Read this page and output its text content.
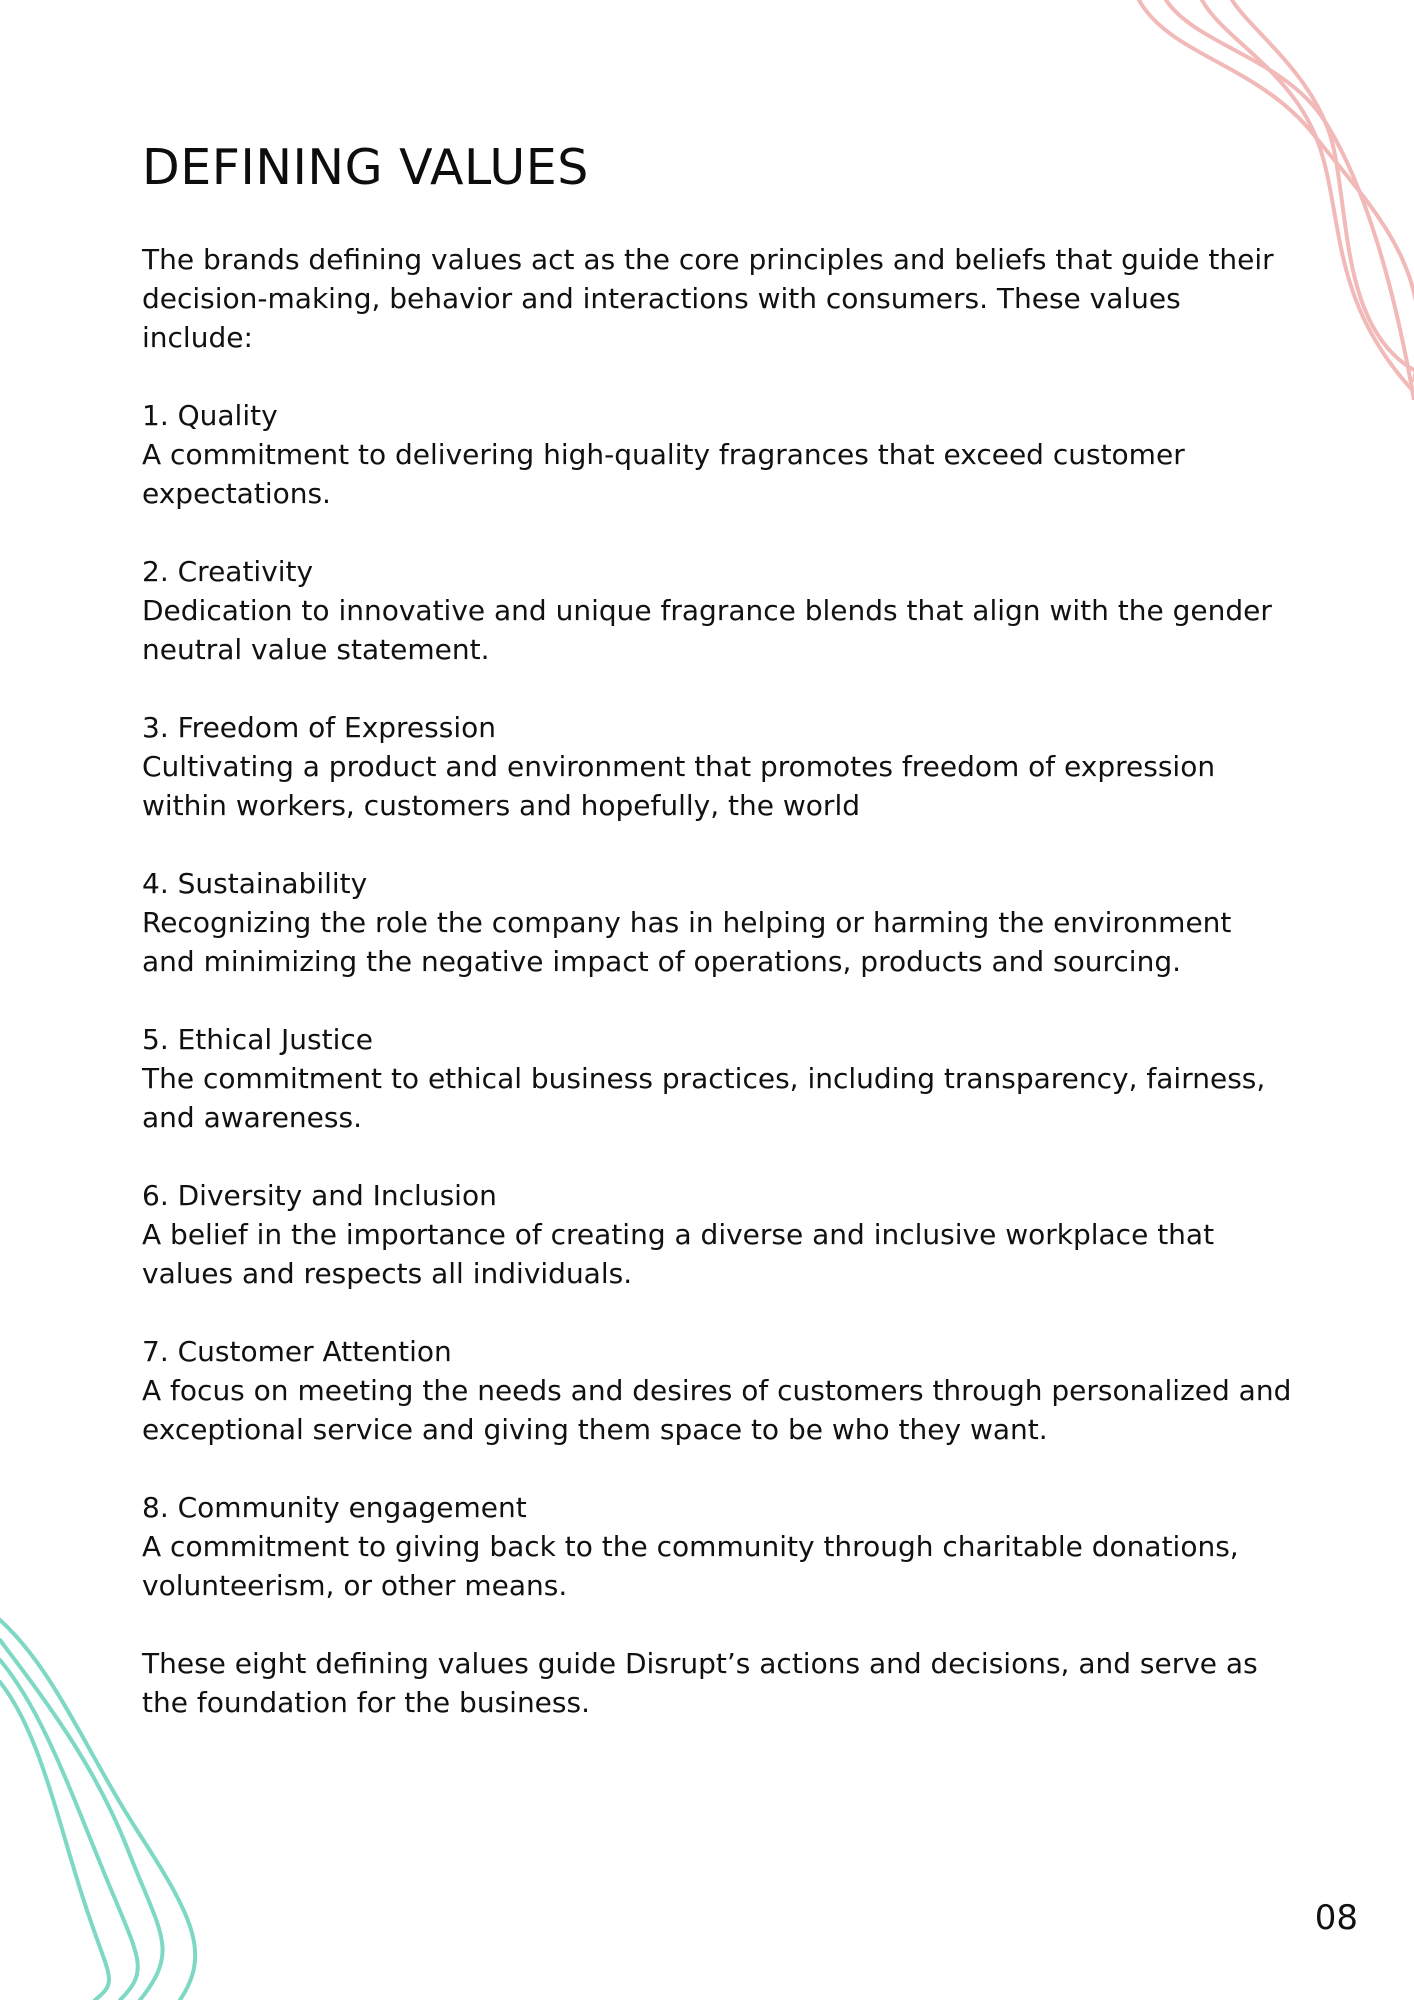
DEFINING VALUES

The brands defining values act as the core principles and beliefs that guide their decision-making, behavior and interactions with consumers. These values include:

1. Quality
A commitment to delivering high-quality fragrances that exceed customer expectations.
2. Creativity
Dedication to innovative and unique fragrance blends that align with the gender neutral value statement.
3. Freedom of Expression
Cultivating a product and environment that promotes freedom of expression within workers, customers and hopefully, the world
4. Sustainability
Recognizing the role the company has in helping or harming the environment and minimizing the negative impact of operations, products and sourcing.
5. Ethical Justice
The commitment to ethical business practices, including transparency, fairness, and awareness.
6. Diversity and Inclusion
A belief in the importance of creating a diverse and inclusive workplace that values and respects all individuals.
7. Customer Attention
A focus on meeting the needs and desires of customers through personalized and exceptional service and giving them space to be who they want.
8. Community engagement
A commitment to giving back to the community through charitable donations, volunteerism, or other means.

These eight defining values guide Disrupt’s actions and decisions, and serve as the foundation for the business.

08
